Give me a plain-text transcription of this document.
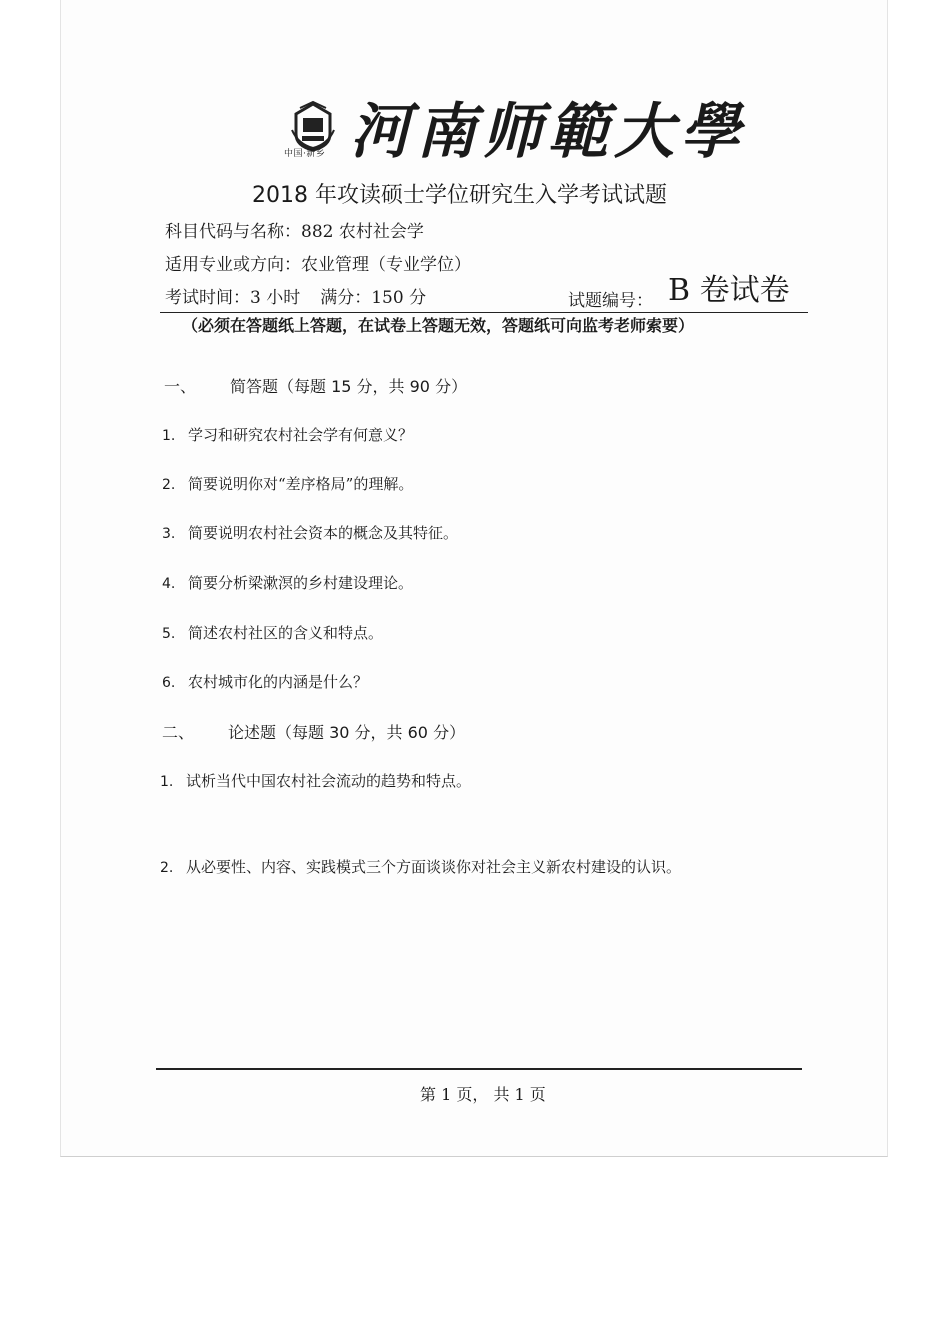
中国·新乡 河南师範大學
2018 年攻读硕士学位研究生入学考试试题
科目代码与名称：882 农村社会学
适用专业或方向：农业管理（专业学位）
考试时间：3 小时 满分：150 分	试题编号： B 卷试卷
（必须在答题纸上答题，在试卷上答题无效，答题纸可向监考老师索要）
一、 简答题（每题 15 分，共 90 分）
1. 学习和研究农村社会学有何意义？
2. 简要说明你对“差序格局”的理解。
3. 简要说明农村社会资本的概念及其特征。
4. 简要分析梁漱溟的乡村建设理论。
5. 简述农村社区的含义和特点。
6. 农村城市化的内涵是什么？
二、 论述题（每题 30 分，共 60 分）
1. 试析当代中国农村社会流动的趋势和特点。
2. 从必要性、内容、实践模式三个方面谈谈你对社会主义新农村建设的认识。
第 1 页， 共 1 页
